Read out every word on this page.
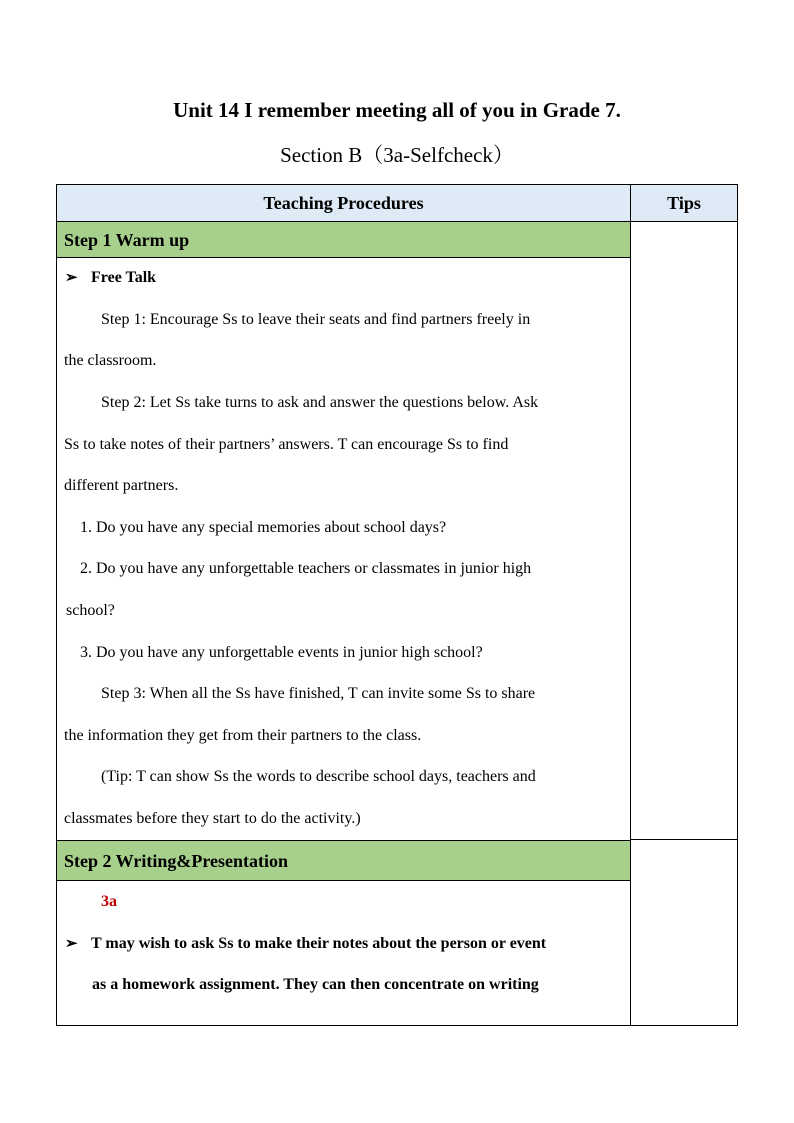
Unit 14 I remember meeting all of you in Grade 7.
Section B（3a-Selfcheck）
Teaching Procedures	Tips
Step 1 Warm up
➢ Free Talk
Step 1: Encourage Ss to leave their seats and find partners freely in
the classroom.
Step 2: Let Ss take turns to ask and answer the questions below. Ask
Ss to take notes of their partners’ answers. T can encourage Ss to find
different partners.
1. Do you have any special memories about school days?
2. Do you have any unforgettable teachers or classmates in junior high
school?
3. Do you have any unforgettable events in junior high school?
Step 3: When all the Ss have finished, T can invite some Ss to share
the information they get from their partners to the class.
(Tip: T can show Ss the words to describe school days, teachers and
classmates before they start to do the activity.)
Step 2 Writing&Presentation
3a
➢ T may wish to ask Ss to make their notes about the person or event
as a homework assignment. They can then concentrate on writing
